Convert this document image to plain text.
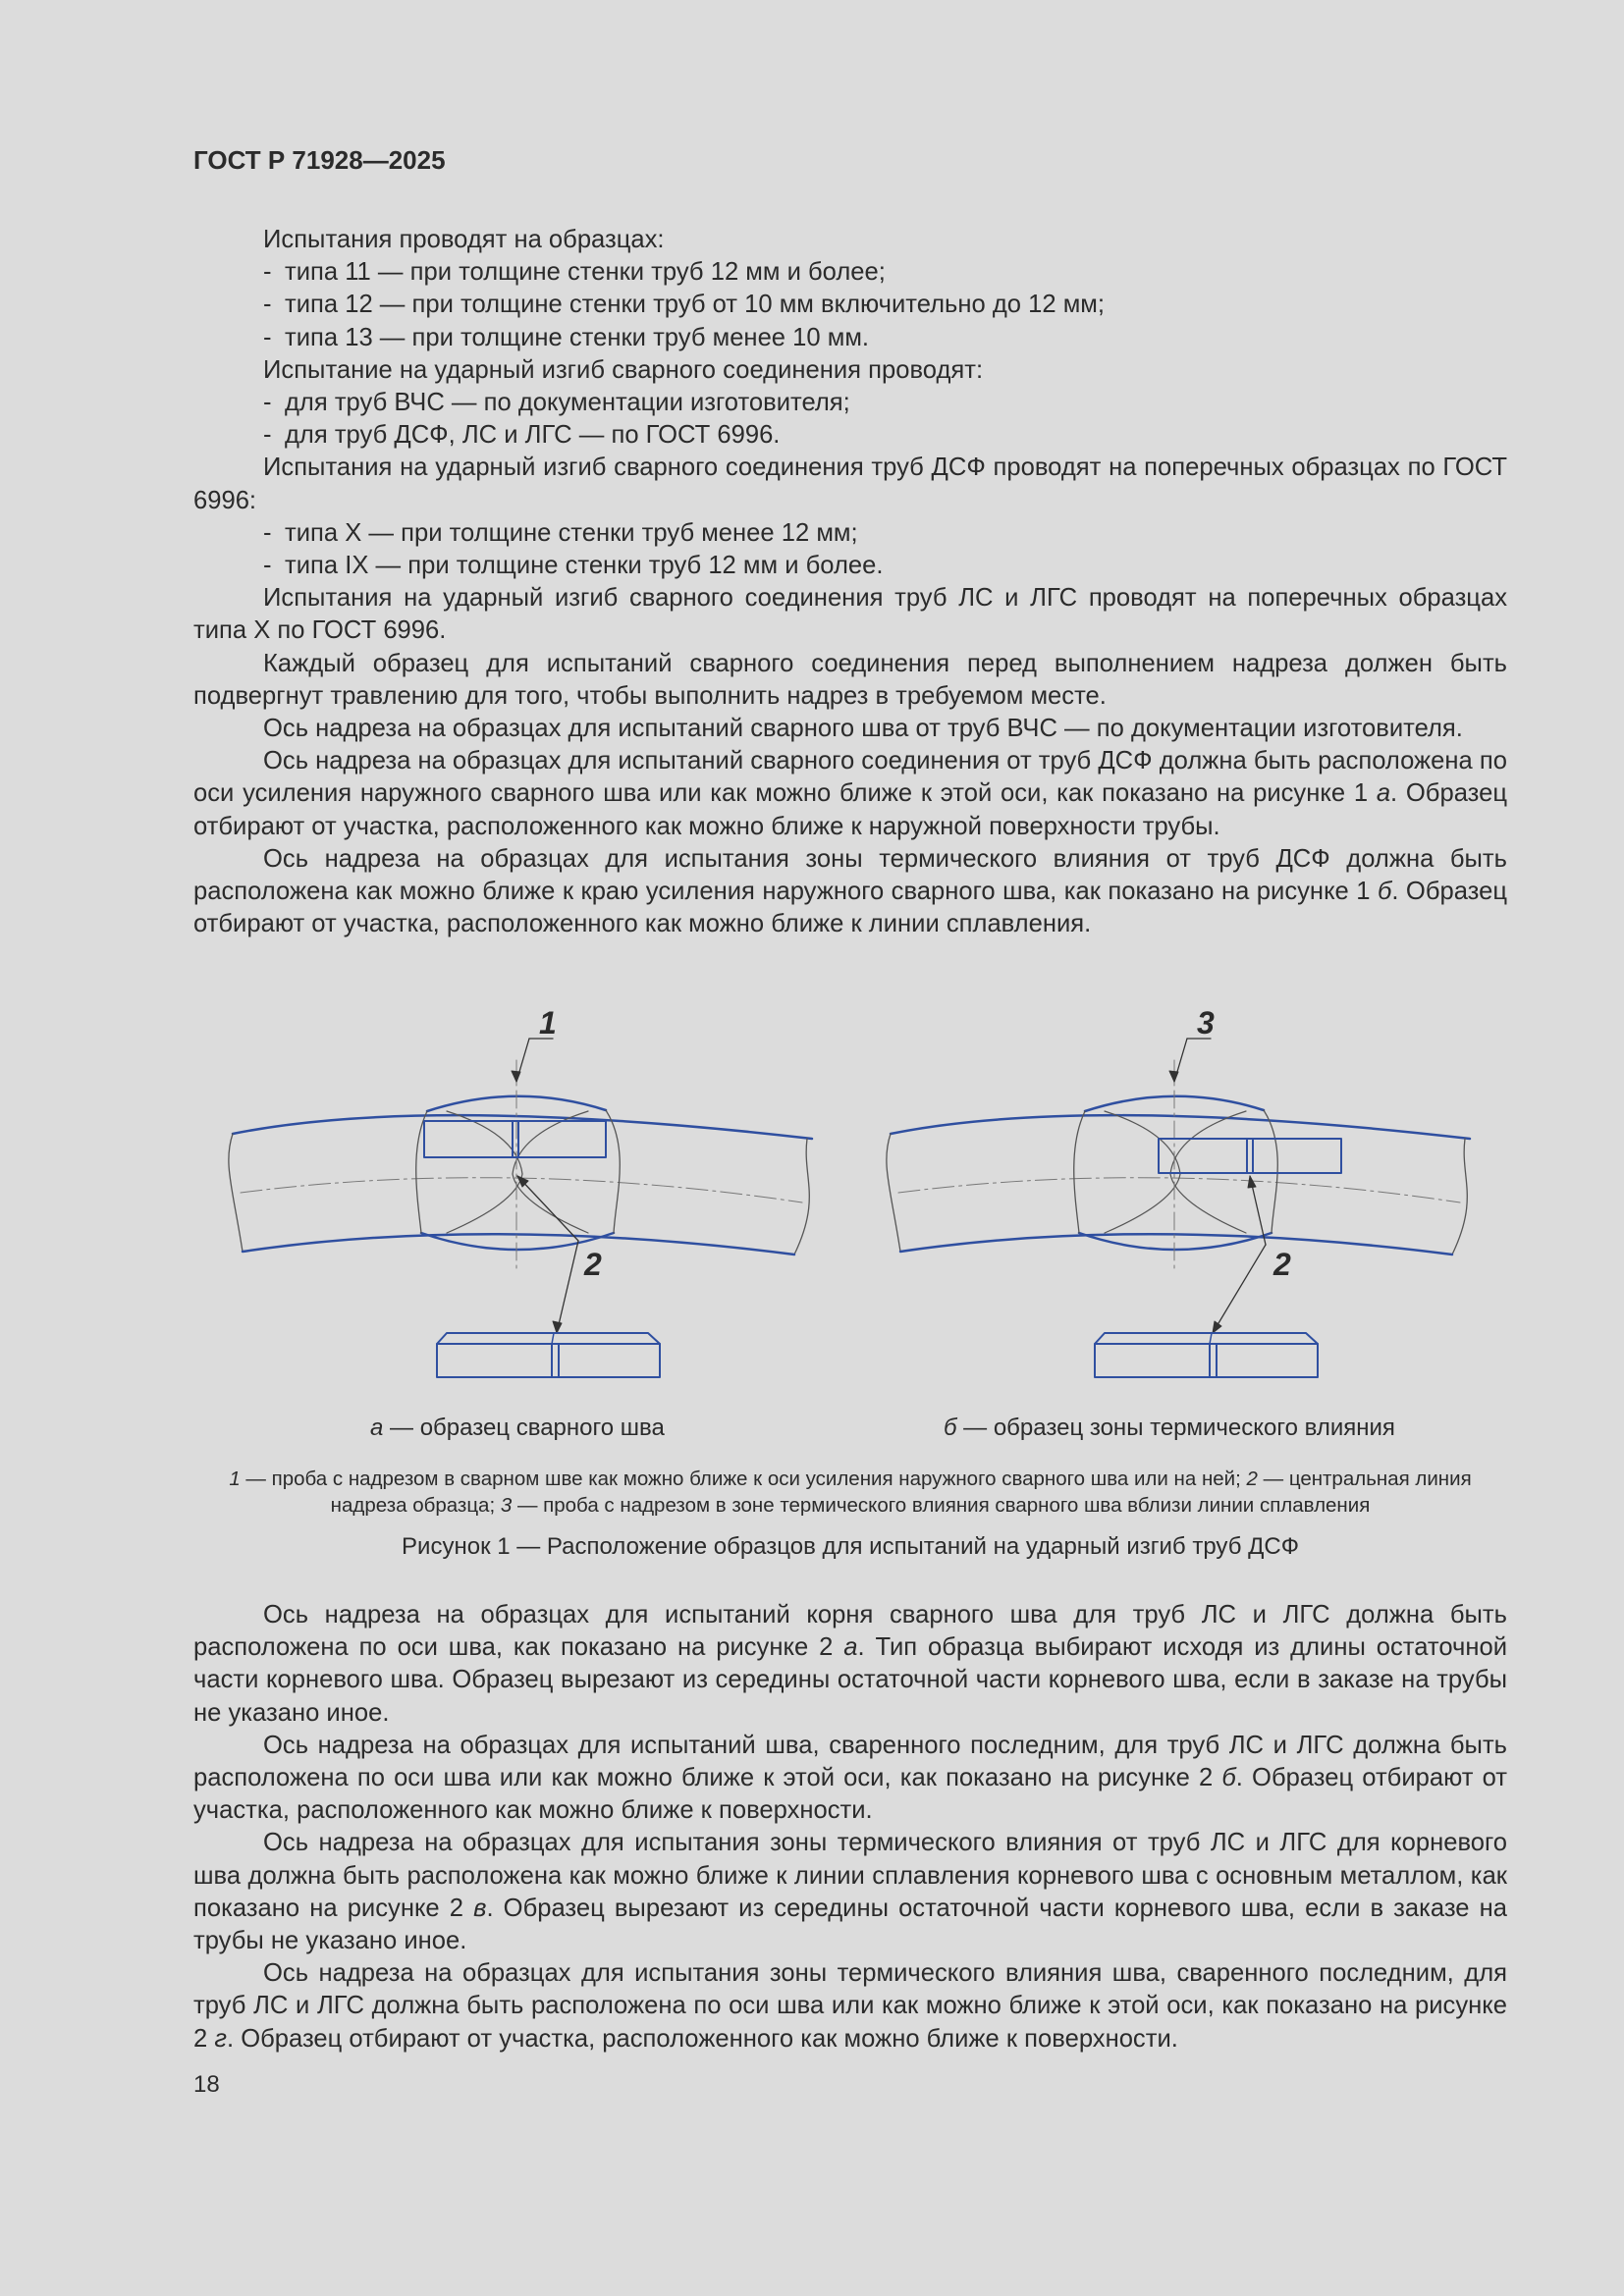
ГОСТ Р 71928—2025

Испытания проводят на образцах:

- типа 11 — при толщине стенки труб 12 мм и более;

- типа 12 — при толщине стенки труб от 10 мм включительно до 12 мм;

- типа 13 — при толщине стенки труб менее 10 мм.

Испытание на ударный изгиб сварного соединения проводят:

- для труб ВЧС — по документации изготовителя;

- для труб ДСФ, ЛС и ЛГС — по ГОСТ 6996.

Испытания на ударный изгиб сварного соединения труб ДСФ проводят на поперечных образцах по ГОСТ 6996:

- типа X — при толщине стенки труб менее 12 мм;

- типа IX — при толщине стенки труб 12 мм и более.

Испытания на ударный изгиб сварного соединения труб ЛС и ЛГС проводят на поперечных образцах типа X по ГОСТ 6996.

Каждый образец для испытаний сварного соединения перед выполнением надреза должен быть подвергнут травлению для того, чтобы выполнить надрез в требуемом месте.

Ось надреза на образцах для испытаний сварного шва от труб ВЧС — по документации изготовителя.

Ось надреза на образцах для испытаний сварного соединения от труб ДСФ должна быть расположена по оси усиления наружного сварного шва или как можно ближе к этой оси, как показано на рисунке 1 а. Образец отбирают от участка, расположенного как можно ближе к наружной поверхности трубы.

Ось надреза на образцах для испытания зоны термического влияния от труб ДСФ должна быть расположена как можно ближе к краю усиления наружного сварного шва, как показано на рисунке 1 б. Образец отбирают от участка, расположенного как можно ближе к линии сплавления.

1
2
3
2
а — образец сварного шва	б — образец зоны термического влияния
1 — проба с надрезом в сварном шве как можно ближе к оси усиления наружного сварного шва или на ней; 2 — центральная линия надреза образца; 3 — проба с надрезом в зоне термического влияния сварного шва вблизи линии сплавления
Рисунок 1 — Расположение образцов для испытаний на ударный изгиб труб ДСФ

Ось надреза на образцах для испытаний корня сварного шва для труб ЛС и ЛГС должна быть расположена по оси шва, как показано на рисунке 2 а. Тип образца выбирают исходя из длины остаточной части корневого шва. Образец вырезают из середины остаточной части корневого шва, если в заказе на трубы не указано иное.

Ось надреза на образцах для испытаний шва, сваренного последним, для труб ЛС и ЛГС должна быть расположена по оси шва или как можно ближе к этой оси, как показано на рисунке 2 б. Образец отбирают от участка, расположенного как можно ближе к поверхности.

Ось надреза на образцах для испытания зоны термического влияния от труб ЛС и ЛГС для корневого шва должна быть расположена как можно ближе к линии сплавления корневого шва с основным металлом, как показано на рисунке 2 в. Образец вырезают из середины остаточной части корневого шва, если в заказе на трубы не указано иное.

Ось надреза на образцах для испытания зоны термического влияния шва, сваренного последним, для труб ЛС и ЛГС должна быть расположена по оси шва или как можно ближе к этой оси, как показано на рисунке 2 г. Образец отбирают от участка, расположенного как можно ближе к поверхности.

18
